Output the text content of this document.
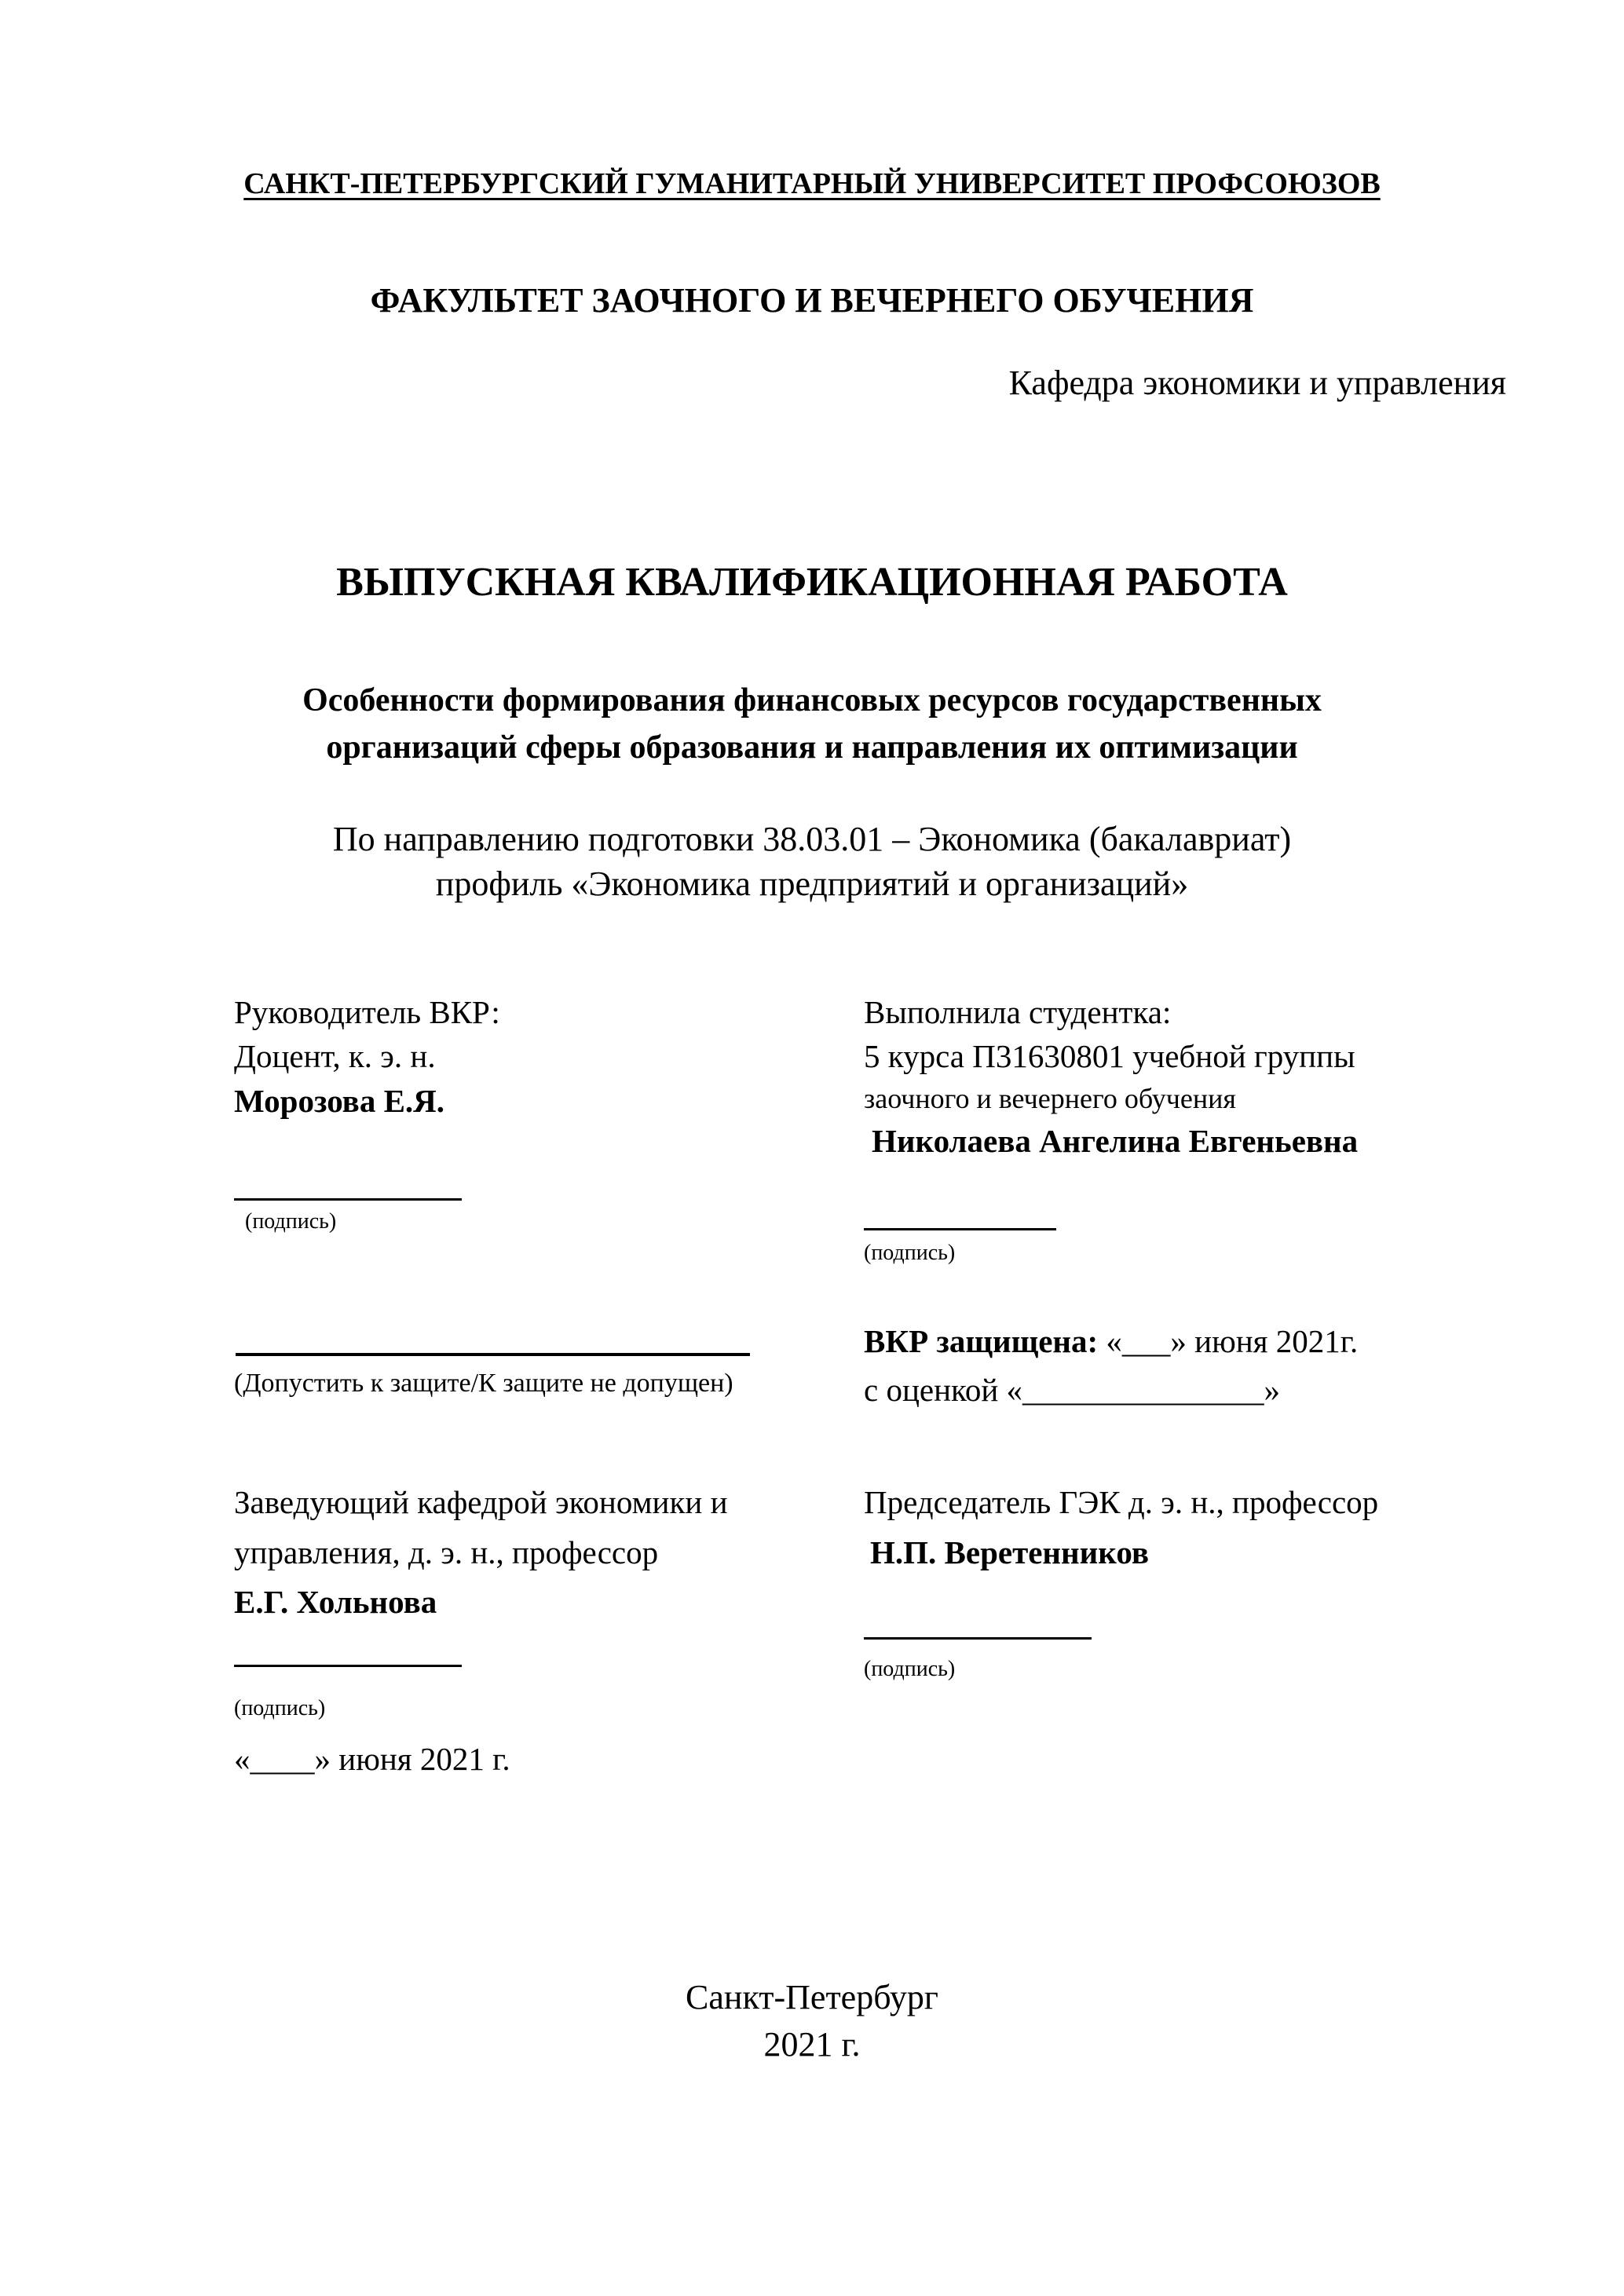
САНКТ-ПЕТЕРБУРГСКИЙ ГУМАНИТАРНЫЙ УНИВЕРСИТЕТ ПРОФСОЮЗОВ
ФАКУЛЬТЕТ ЗАОЧНОГО И ВЕЧЕРНЕГО ОБУЧЕНИЯ
Кафедра экономики и управления
ВЫПУСКНАЯ КВАЛИФИКАЦИОННАЯ РАБОТА
Особенности формирования финансовых ресурсов государственных
организаций сферы образования и направления их оптимизации
По направлению подготовки 38.03.01 – Экономика (бакалавриат)
профиль «Экономика предприятий и организаций»
Руководитель ВКР:
Доцент, к. э. н.
Морозова Е.Я.
(подпись)
Выполнила студентка:
5 курса П31630801 учебной группы
заочного и вечернего обучения
Николаева Ангелина Евгеньевна
(подпись)
(Допустить к защите/К защите не допущен)
ВКР защищена: «___» июня 2021г.
с оценкой «_______________»
Заведующий кафедрой экономики и
управления, д. э. н., профессор
Е.Г. Хольнова
(подпись)
«____» июня 2021 г.
Председатель ГЭК д. э. н., профессор
Н.П. Веретенников
(подпись)
Санкт-Петербург
2021 г.
